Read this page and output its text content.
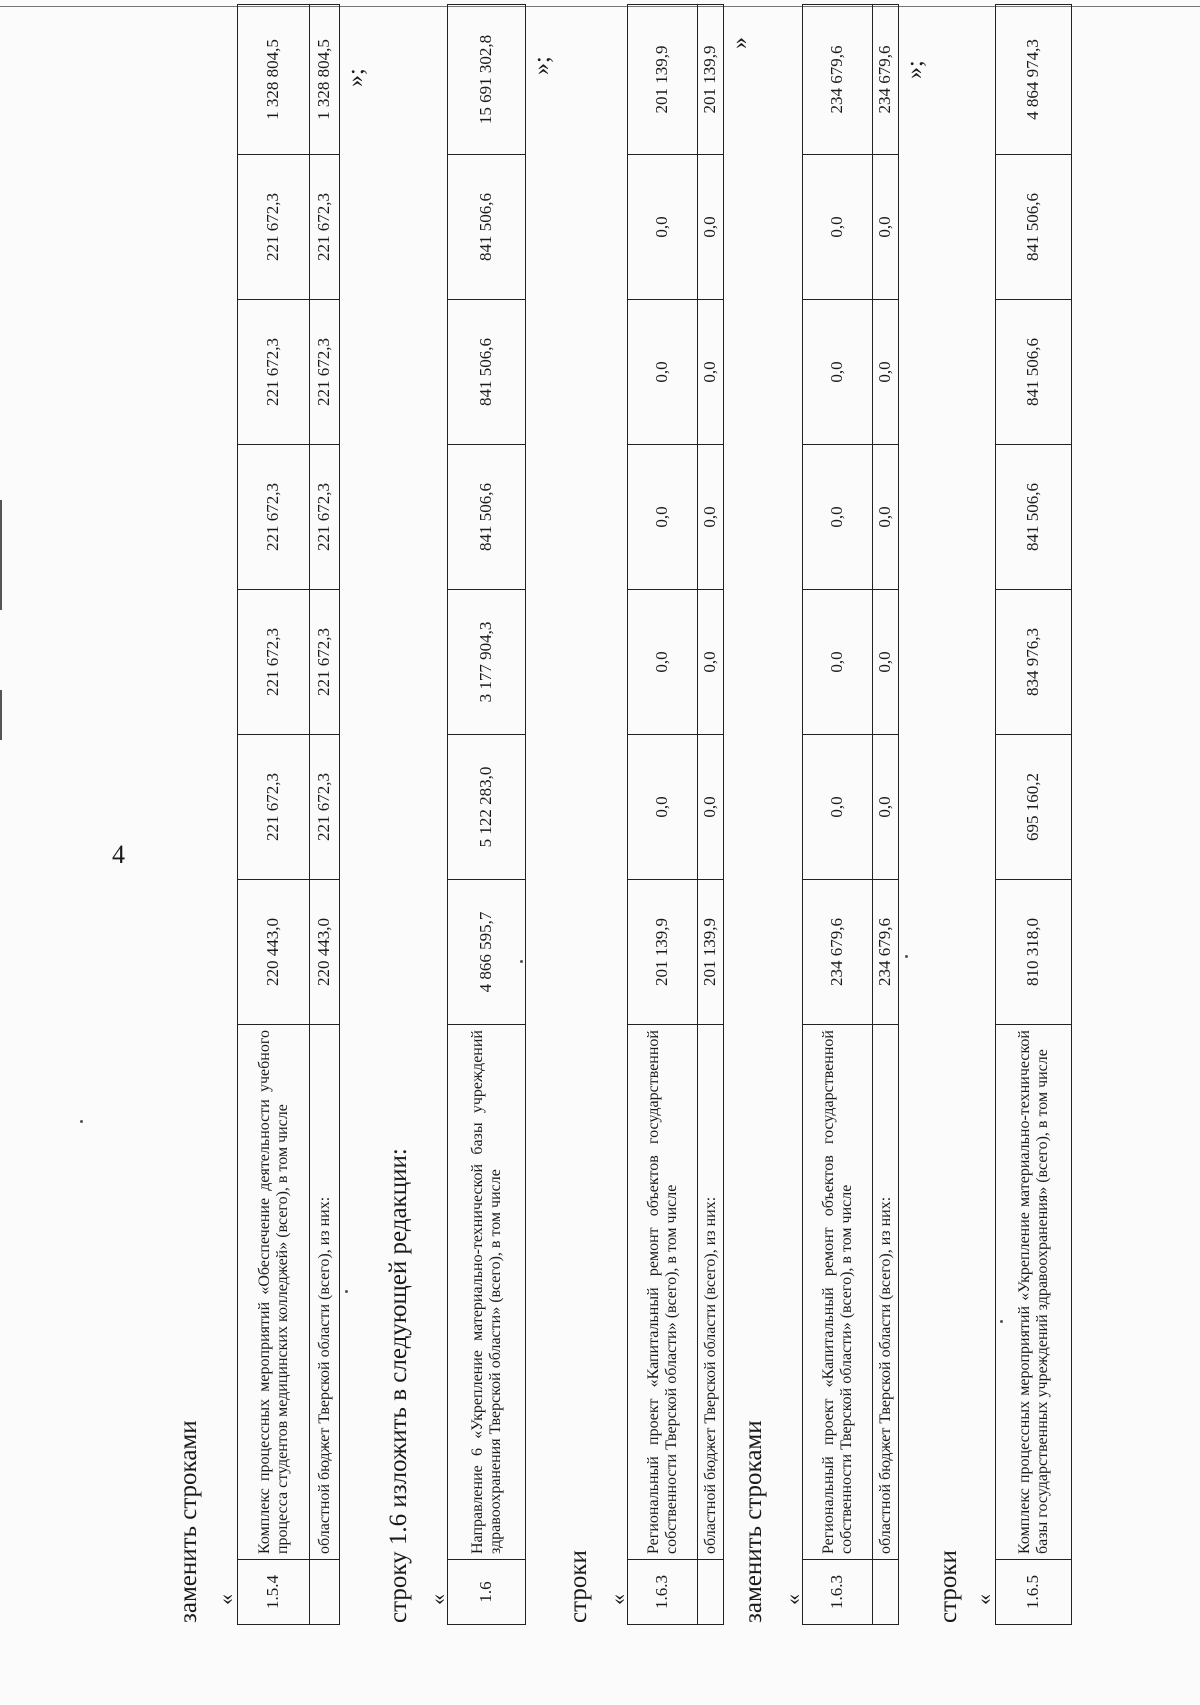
4
заменить строками « 1.5.4	Комплекс процессных мероприятий «Обеспечение деятельности учебного процесса студентов медицинских колледжей» (всего), в том числе	220 443,0	221 672,3	221 672,3	221 672,3	221 672,3	221 672,3	1 328 804,5
	областной бюджет Тверской области (всего), из них:	220 443,0	221 672,3	221 672,3	221 672,3	221 672,3	221 672,3	1 328 804,5 »;
строку 1.6 изложить в следующей редакции: « 1.6	Направление 6 «Укрепление материально-технической базы учреждений здравоохранения Тверской области» (всего), в том числе	4 866 595,7	5 122 283,0	3 177 904,3	841 506,6	841 506,6	841 506,6	15 691 302,8 »;
строки « 1.6.3	Региональный проект «Капитальный ремонт объектов государственной собственности Тверской области» (всего), в том числе	201 139,9	0,0	0,0	0,0	0,0	0,0	201 139,9
	областной бюджет Тверской области (всего), из них:	201 139,9	0,0	0,0	0,0	0,0	0,0	201 139,9
»
заменить строками « 1.6.3	Региональный проект «Капитальный ремонт объектов государственной собственности Тверской области» (всего), в том числе	234 679,6	0,0	0,0	0,0	0,0	0,0	234 679,6
	областной бюджет Тверской области (всего), из них:	234 679,6	0,0	0,0	0,0	0,0	0,0	234 679,6 »;
строки « 1.6.5	Комплекс процессных мероприятий «Укрепление материально-технической базы государственных учреждений здравоохранения» (всего), в том числе	810 318,0	695 160,2	834 976,3	841 506,6	841 506,6	841 506,6	4 864 974,3
